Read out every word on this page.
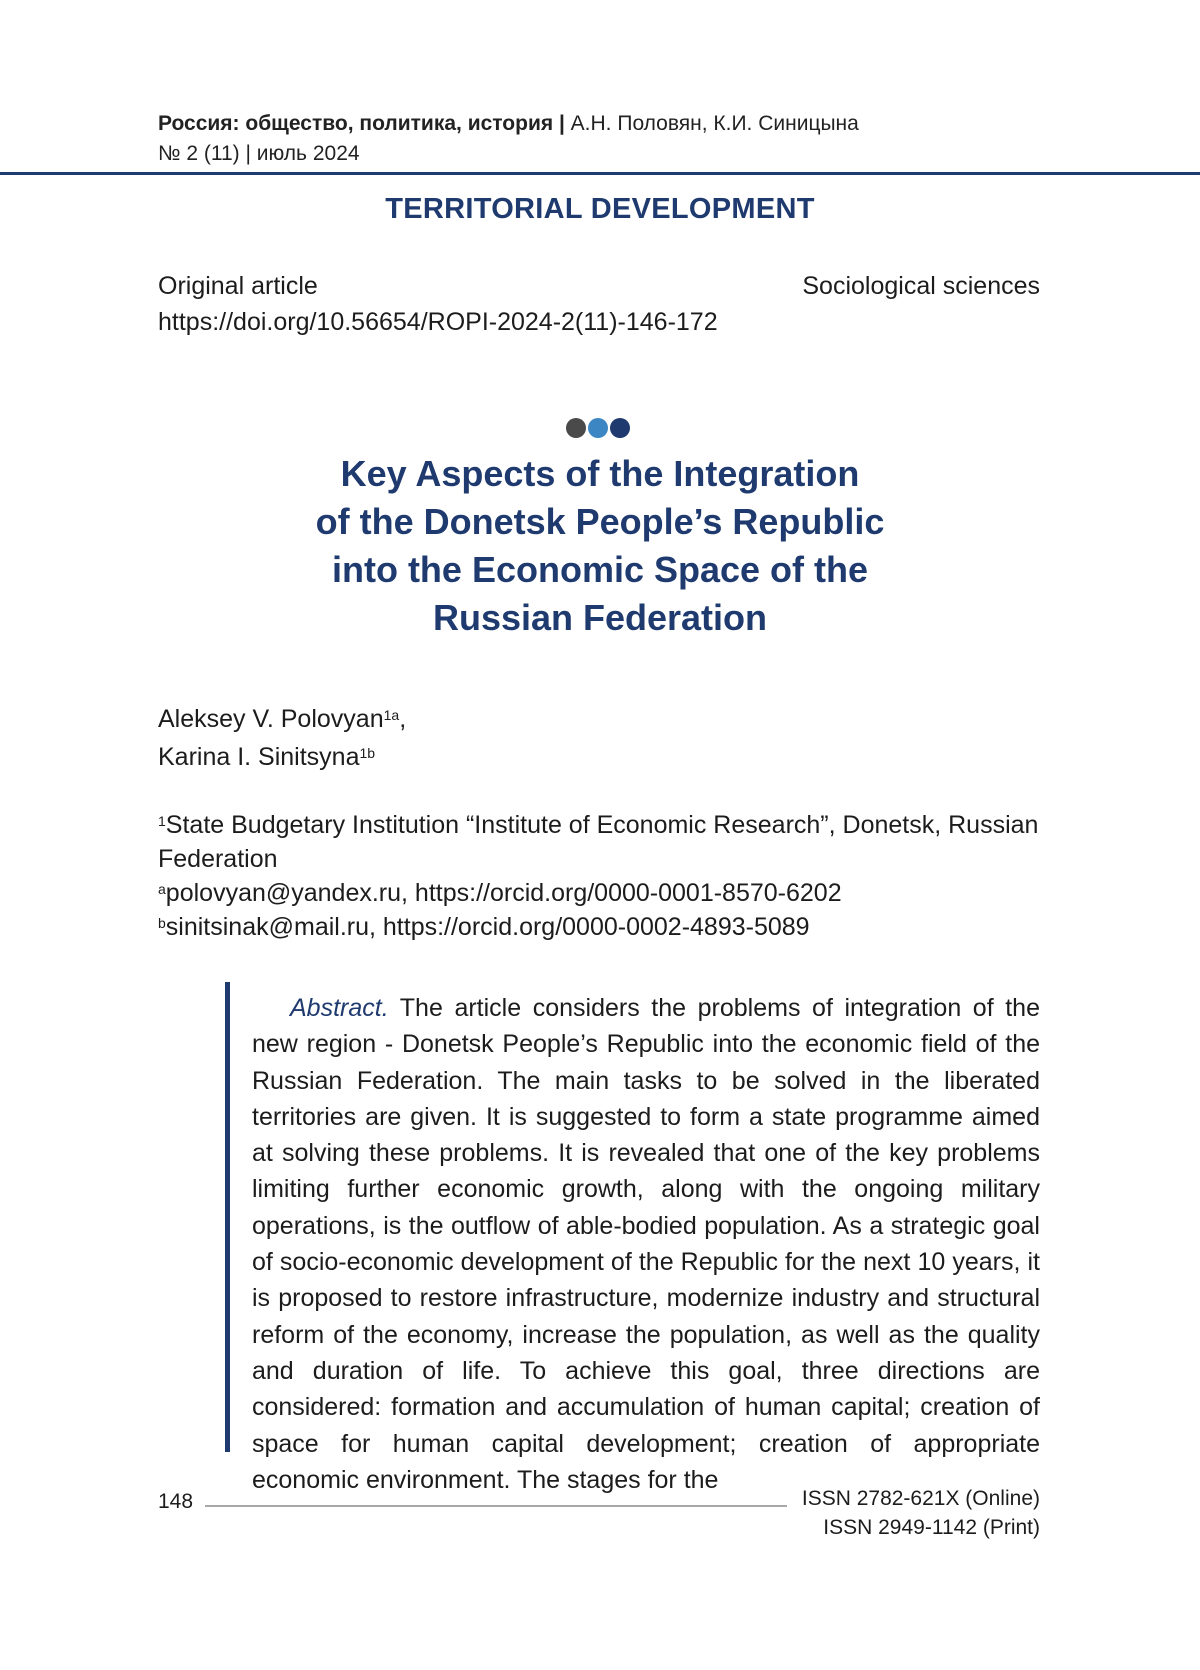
Россия: общество, политика, история | А.Н. Половян, К.И. Синицына
№ 2 (11) | июль 2024
TERRITORIAL DEVELOPMENT
Original article
https://doi.org/10.56654/ROPI-2024-2(11)-146-172
Sociological sciences
Key Aspects of the Integration
of the Donetsk People’s Republic
into the Economic Space of the
Russian Federation
Aleksey V. Polovyan$^{1a}$,
Karina I. Sinitsyna$^{1b}$

$^1$State Budgetary Institution “Institute of Economic Research”, Donetsk, Russian Federation

$^a$polovyan@yandex.ru, https://orcid.org/0000-0001-8570-6202

$^b$sinitsinak@mail.ru, https://orcid.org/0000-0002-4893-5089

Abstract. The article considers the problems of integration of the new region - Donetsk People’s Republic into the economic field of the Russian Federation. The main tasks to be solved in the liberated territories are given. It is suggested to form a state programme aimed at solving these problems. It is revealed that one of the key problems limiting further economic growth, along with the ongoing military operations, is the outflow of able-bodied population. As a strategic goal of socio-economic development of the Republic for the next 10 years, it is proposed to restore infrastructure, modernize industry and structural reform of the economy, increase the population, as well as the quality and duration of life. To achieve this goal, three directions are considered: formation and accumulation of human capital; creation of space for human capital development; creation of appropriate economic environment. The stages for the

148	ISSN 2782-621X (Online)
ISSN 2949-1142 (Print)
